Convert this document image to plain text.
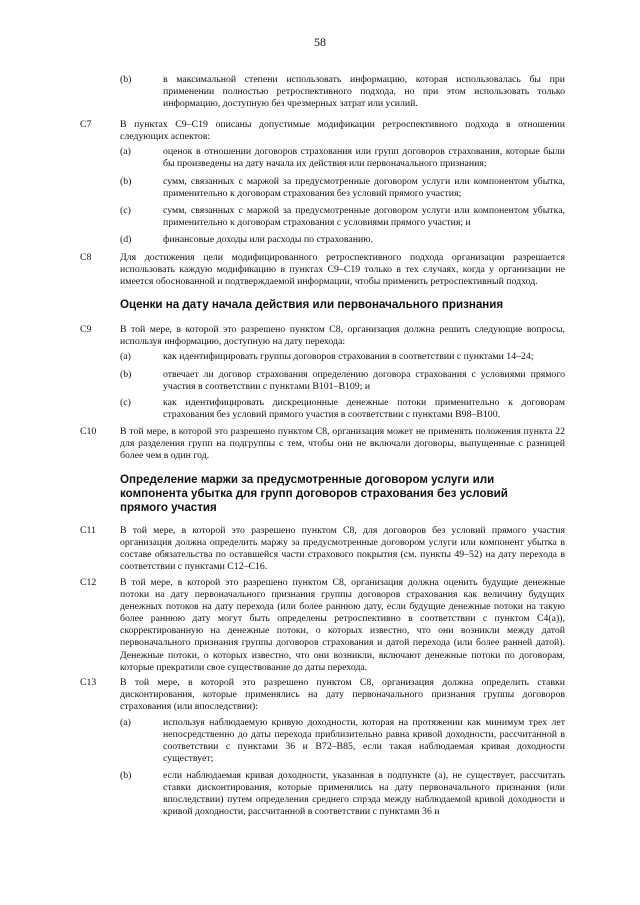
58
(b)	в максимальной степени использовать информацию, которая использовалась бы при применении полностью ретроспективного подхода, но при этом использовать только информацию, доступную без чрезмерных затрат или усилий.
C7	В пунктах C9–C19 описаны допустимые модификации ретроспективного подхода в отношении следующих аспектов:
(a)	оценок в отношении договоров страхования или групп договоров страхования, которые были бы произведены на дату начала их действия или первоначального признания;
(b)	сумм, связанных с маржой за предусмотренные договором услуги или компонентом убытка, применительно к договорам страхования без условий прямого участия;
(c)	сумм, связанных с маржой за предусмотренные договором услуги или компонентом убытка, применительно к договорам страхования с условиями прямого участия; и
(d)	финансовые доходы или расходы по страхованию.
C8	Для достижения цели модифицированного ретроспективного подхода организации разрешается использовать каждую модификацию в пунктах C9–C19 только в тех случаях, когда у организации не имеется обоснованной и подтверждаемой информации, чтобы применить ретроспективный подход.
Оценки на дату начала действия или первоначального признания
C9	В той мере, в которой это разрешено пунктом C8, организация должна решить следующие вопросы, используя информацию, доступную на дату перехода:
(a)	как идентифицировать группы договоров страхования в соответствии с пунктами 14–24;
(b)	отвечает ли договор страхования определению договора страхования с условиями прямого участия в соответствии с пунктами B101–B109; и
(c)	как идентифицировать дискреционные денежные потоки применительно к договорам страхования без условий прямого участия в соответствии с пунктами B98–B100.
C10 В той мере, в которой это разрешено пунктом C8, организация может не применять положения пункта 22 для разделения групп на подгруппы с тем, чтобы они не включали договоры, выпущенные с разницей более чем в один год.
Определение маржи за предусмотренные договором услуги или компонента убытка для групп договоров страхования без условий прямого участия
C11 В той мере, в которой это разрешено пунктом C8, для договоров без условий прямого участия организация должна определить маржу за предусмотренные договором услуги или компонент убытка в составе обязательства по оставшейся части страхового покрытия (см. пункты 49–52) на дату перехода в соответствии с пунктами C12–C16.
C12 В той мере, в которой это разрешено пунктом C8, организация должна оценить будущие денежные потоки на дату первоначального признания группы договоров страхования как величину будущих денежных потоков на дату перехода (или более раннюю дату, если будущие денежные потоки на такую более раннюю дату могут быть определены ретроспективно в соответствии с пунктом C4(a)), скорректированную на денежные потоки, о которых известно, что они возникли между датой первоначального признания группы договоров страхования и датой перехода (или более ранней датой). Денежные потоки, о которых известно, что они возникли, включают денежные потоки по договорам, которые прекратили свое существование до даты перехода.
C13 В той мере, в которой это разрешено пунктом C8, организация должна определить ставки дисконтирования, которые применялись на дату первоначального признания группы договоров страхования (или впоследствии):
(a)	используя наблюдаемую кривую доходности, которая на протяжении как минимум трех лет непосредственно до даты перехода приблизительно равна кривой доходности, рассчитанной в соответствии с пунктами 36 и B72–B85, если такая наблюдаемая кривая доходности существует;
(b)	если наблюдаемая кривая доходности, указанная в подпункте (a), не существует, рассчитать ставки дисконтирования, которые применялись на дату первоначального признания (или впоследствии) путем определения среднего спрэда между наблюдаемой кривой доходности и кривой доходности, рассчитанной в соответствии с пунктами 36 и
